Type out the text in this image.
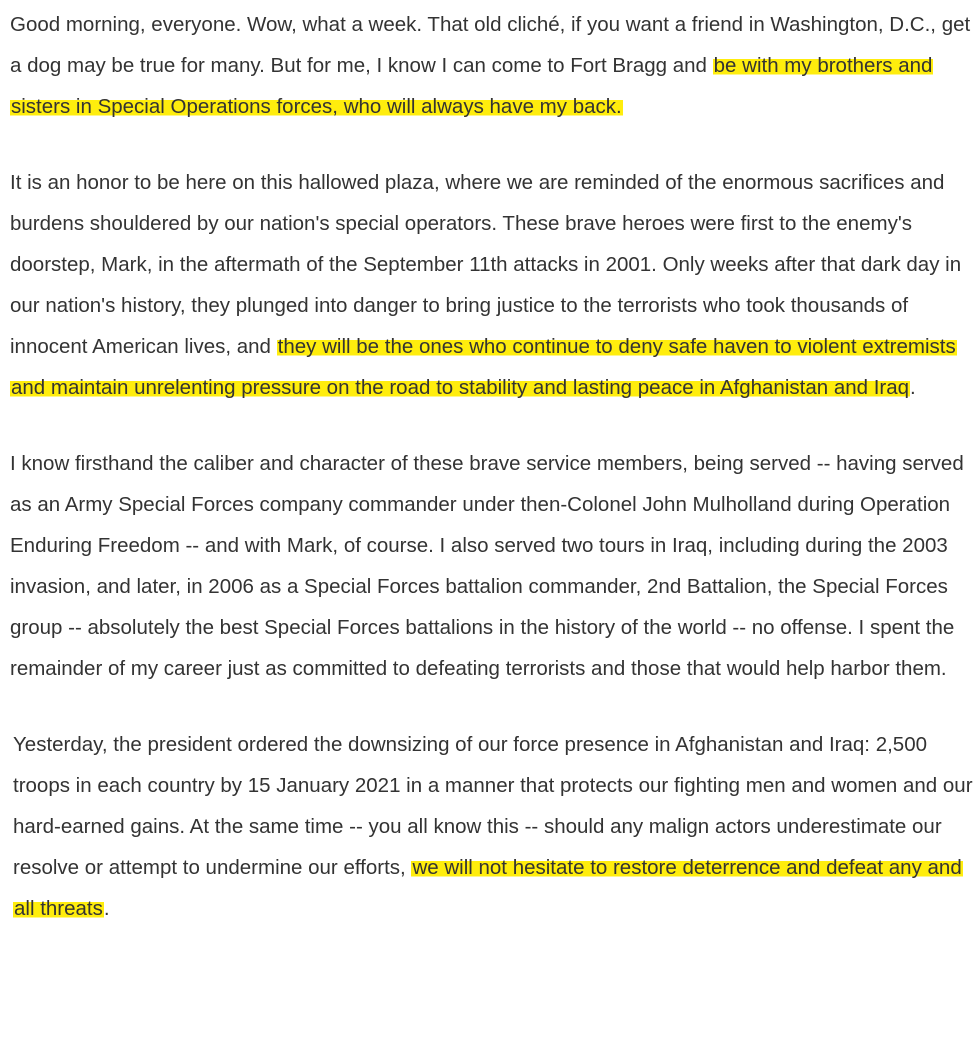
Good morning, everyone. Wow, what a week. That old cliché, if you want a friend in Washington, D.C., get a dog may be true for many. But for me, I know I can come to Fort Bragg and be with my brothers and sisters in Special Operations forces, who will always have my back.

It is an honor to be here on this hallowed plaza, where we are reminded of the enormous sacrifices and burdens shouldered by our nation's special operators. These brave heroes were first to the enemy's doorstep, Mark, in the aftermath of the September 11th attacks in 2001. Only weeks after that dark day in our nation's history, they plunged into danger to bring justice to the terrorists who took thousands of innocent American lives, and they will be the ones who continue to deny safe haven to violent extremists and maintain unrelenting pressure on the road to stability and lasting peace in Afghanistan and Iraq.

I know firsthand the caliber and character of these brave service members, being served -- having served as an Army Special Forces company commander under then-Colonel John Mulholland during Operation Enduring Freedom -- and with Mark, of course. I also served two tours in Iraq, including during the 2003 invasion, and later, in 2006 as a Special Forces battalion commander, 2nd Battalion, the Special Forces group -- absolutely the best Special Forces battalions in the history of the world -- no offense. I spent the remainder of my career just as committed to defeating terrorists and those that would help harbor them.

Yesterday, the president ordered the downsizing of our force presence in Afghanistan and Iraq: 2,500 troops in each country by 15 January 2021 in a manner that protects our fighting men and women and our hard-earned gains. At the same time -- you all know this -- should any malign actors underestimate our resolve or attempt to undermine our efforts, we will not hesitate to restore deterrence and defeat any and all threats.
